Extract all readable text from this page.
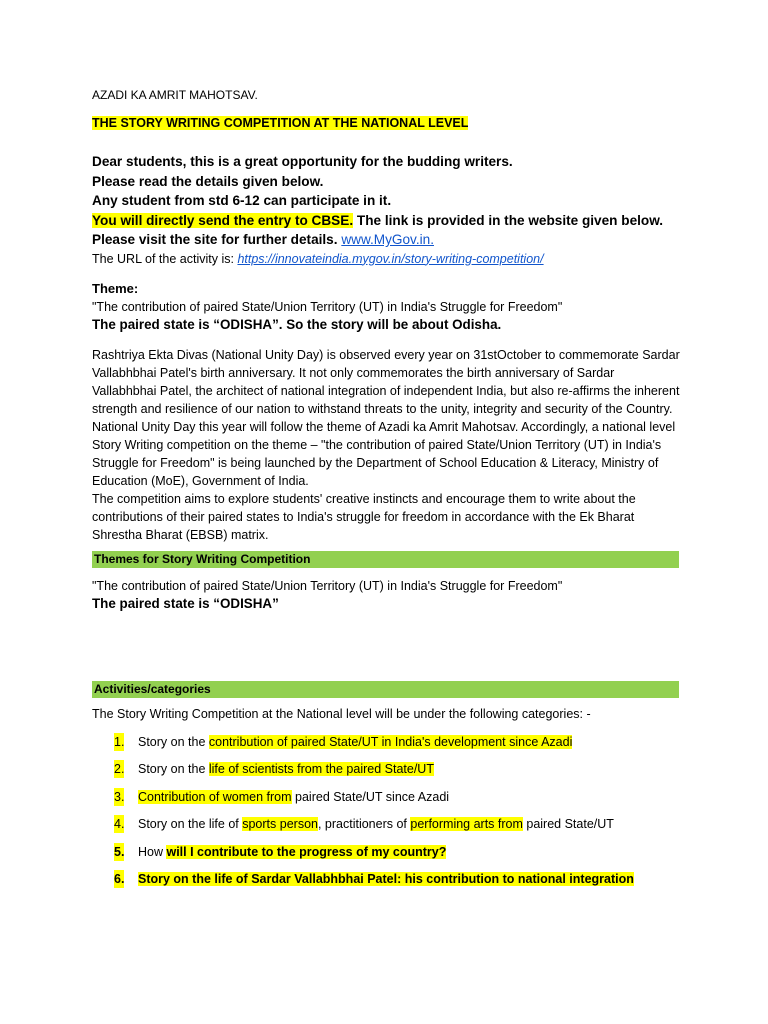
AZADI KA AMRIT MAHOTSAV.

THE STORY WRITING COMPETITION AT THE NATIONAL LEVEL

Dear students, this is a great opportunity for the budding writers.

Please read the details given below.

Any student from std 6-12 can participate in it.

You will directly send the entry to CBSE. The link is provided in the website given below.

Please visit the site for further details. www.MyGov.in.

The URL of the activity is: https://innovateindia.mygov.in/story-writing-competition/

Theme:

"The contribution of paired State/Union Territory (UT) in India's Struggle for Freedom"

The paired state is “ODISHA”. So the story will be about Odisha.

Rashtriya Ekta Divas (National Unity Day) is observed every year on 31stOctober to commemorate Sardar Vallabhbhai Patel's birth anniversary. It not only commemorates the birth anniversary of Sardar Vallabhbhai Patel, the architect of national integration of independent India, but also re-affirms the inherent strength and resilience of our nation to withstand threats to the unity, integrity and security of the Country.

National Unity Day this year will follow the theme of Azadi ka Amrit Mahotsav. Accordingly, a national level Story Writing competition on the theme – "the contribution of paired State/Union Territory (UT) in India's Struggle for Freedom" is being launched by the Department of School Education & Literacy, Ministry of Education (MoE), Government of India.

The competition aims to explore students' creative instincts and encourage them to write about the contributions of their paired states to India's struggle for freedom in accordance with the Ek Bharat Shrestha Bharat (EBSB) matrix.

Themes for Story Writing Competition

"The contribution of paired State/Union Territory (UT) in India's Struggle for Freedom"

The paired state is “ODISHA”

Activities/categories

The Story Writing Competition at the National level will be under the following categories: -

1. Story on the contribution of paired State/UT in India's development since Azadi
2. Story on the life of scientists from the paired State/UT
3. Contribution of women from paired State/UT since Azadi
4. Story on the life of sports person, practitioners of performing arts from paired State/UT
5. How will I contribute to the progress of my country?
6. Story on the life of Sardar Vallabhbhai Patel: his contribution to national integration
